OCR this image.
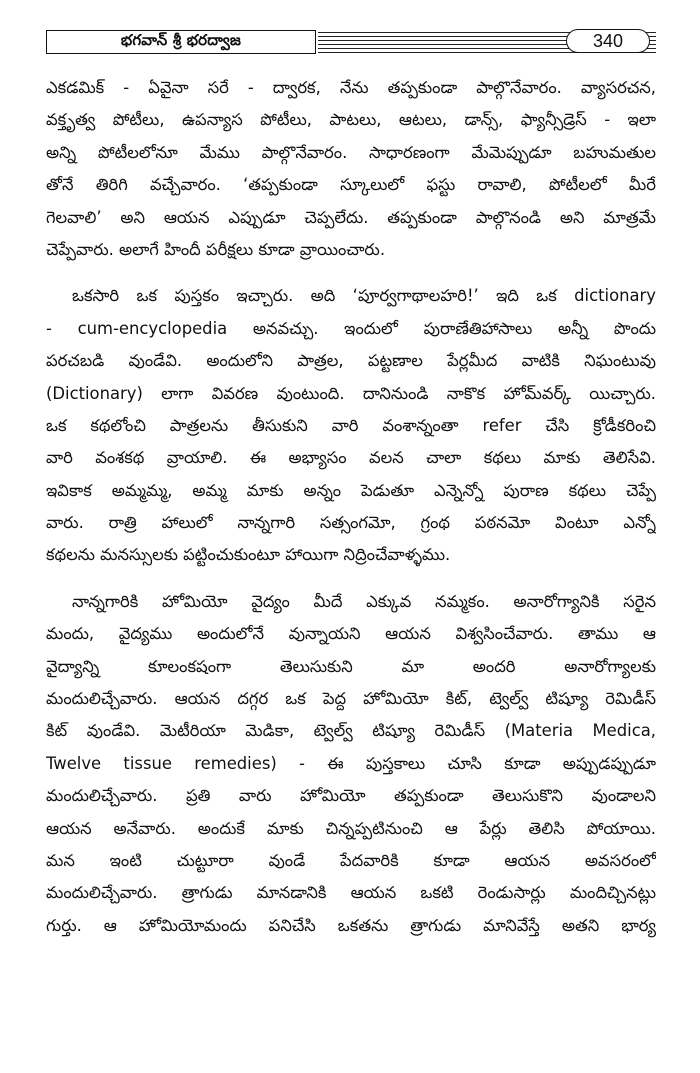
భగవాన్ శ్రీ భరద్వాజ	340

ఎకడమిక్ - ఏవైనా సరే - ద్వారక, నేను తప్పకుండా పాల్గొనేవారం. వ్యాసరచన,
వక్తృత్వ పోటీలు, ఉపన్యాస పోటీలు, పాటలు, ఆటలు, డాన్స్, ఫ్యాన్సీడ్రెస్ - ఇలా
అన్ని పోటీలలోనూ మేము పాల్గొనేవారం. సాధారణంగా మేమెప్పుడూ బహుమతుల
తోనే తిరిగి వచ్చేవారం. ‘తప్పకుండా స్కూలులో ఫస్టు రావాలి, పోటీలలో మీరే
గెలవాలి’ అని ఆయన ఎప్పుడూ చెప్పలేదు. తప్పకుండా పాల్గొనండి అని మాత్రమే
చెప్పేవారు. అలాగే హిందీ పరీక్షలు కూడా వ్రాయించారు.

ఒకసారి ఒక పుస్తకం ఇచ్చారు. అది ‘పూర్వగాథాలహరి!’ ఇది ఒక dictionary
- cum-encyclopedia అనవచ్చు. ఇందులో పురాణేతిహాసాలు అన్నీ పొందు
పరచబడి వుండేవి. అందులోని పాత్రల, పట్టణాల పేర్లమీద వాటికి నిఘంటువు
(Dictionary) లాగా వివరణ వుంటుంది. దానినుండి నాకొక హోమ్‌వర్క్ యిచ్చారు.
ఒక కథలోంచి పాత్రలను తీసుకుని వారి వంశాన్నంతా refer చేసి క్రోడీకరించి
వారి వంశకథ వ్రాయాలి. ఈ అభ్యాసం వలన చాలా కథలు మాకు తెలిసేవి.
ఇవికాక అమ్మమ్మ, అమ్మ మాకు అన్నం పెడుతూ ఎన్నెన్నో పురాణ కథలు చెప్పే
వారు. రాత్రి హాలులో నాన్నగారి సత్సంగమో, గ్రంథ పఠనమో వింటూ ఎన్నో
కథలను మనస్సులకు పట్టించుకుంటూ హాయిగా నిద్రించేవాళ్ళము.

నాన్నగారికి హోమియో వైద్యం మీదే ఎక్కువ నమ్మకం. అనారోగ్యానికి సరైన
మందు, వైద్యము అందులోనే వున్నాయని ఆయన విశ్వసించేవారు. తాము ఆ
వైద్యాన్ని కూలంకషంగా తెలుసుకుని మా అందరి అనారోగ్యాలకు
మందులిచ్చేవారు. ఆయన దగ్గర ఒక పెద్ద హోమియో కిట్, ట్వెల్వ్ టిష్యూ రెమిడీస్
కిట్ వుండేవి. మెటీరియా మెడికా, ట్వెల్వ్ టిష్యూ రెమిడీస్ (Materia Medica,
Twelve tissue remedies) - ఈ పుస్తకాలు చూసి కూడా అప్పుడప్పుడూ
మందులిచ్చేవారు. ప్రతి వారు హోమియో తప్పకుండా తెలుసుకొని వుండాలని
ఆయన అనేవారు. అందుకే మాకు చిన్నప్పటినుంచి ఆ పేర్లు తెలిసి పోయాయి.
మన ఇంటి చుట్టూరా వుండే పేదవారికి కూడా ఆయన అవసరంలో
మందులిచ్చేవారు. త్రాగుడు మానడానికి ఆయన ఒకటి రెండుసార్లు మందిచ్చినట్లు
గుర్తు. ఆ హోమియోమందు పనిచేసి ఒకతను త్రాగుడు మానివేస్తే అతని భార్య
